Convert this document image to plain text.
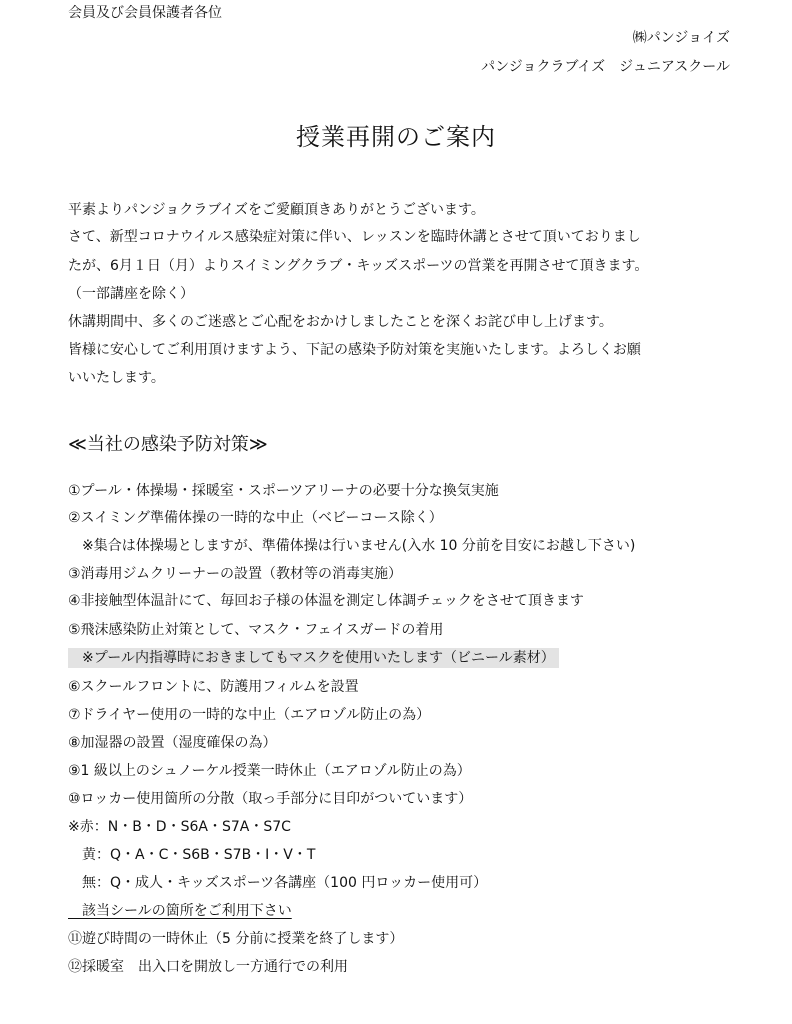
会員及び会員保護者各位
㈱パンジョイズ
パンジョクラブイズ　ジュニアスクール
授業再開のご案内
平素よりパンジョクラブイズをご愛顧頂きありがとうございます。
さて、新型コロナウイルス感染症対策に伴い、レッスンを臨時休講とさせて頂いておりまし
たが、6月１日（月）よりスイミングクラブ・キッズスポーツの営業を再開させて頂きます。
（一部講座を除く）
休講期間中、多くのご迷惑とご心配をおかけしましたことを深くお詫び申し上げます。
皆様に安心してご利用頂けますよう、下記の感染予防対策を実施いたします。よろしくお願
いいたします。
≪当社の感染予防対策≫
①プール・体操場・採暖室・スポーツアリーナの必要十分な換気実施
②スイミング準備体操の一時的な中止（ベビーコース除く）
　※集合は体操場としますが、準備体操は行いません(入水 10 分前を目安にお越し下さい)
③消毒用ジムクリーナーの設置（教材等の消毒実施）
④非接触型体温計にて、毎回お子様の体温を測定し体調チェックをさせて頂きます
⑤飛沫感染防止対策として、マスク・フェイスガードの着用
　※プール内指導時におきましてもマスクを使用いたします（ビニール素材）
⑥スクールフロントに、防護用フィルムを設置
⑦ドライヤー使用の一時的な中止（エアロゾル防止の為）
⑧加湿器の設置（湿度確保の為）
⑨1 級以上のシュノーケル授業一時休止（エアロゾル防止の為）
⑩ロッカー使用箇所の分散（取っ手部分に目印がついています）
※赤：N・B・D・S6A・S7A・S7C
　黄：Q・A・C・S6B・S7B・I・V・T
　無：Q・成人・キッズスポーツ各講座（100 円ロッカー使用可）
　該当シールの箇所をご利用下さい
⑪遊び時間の一時休止（5 分前に授業を終了します）
⑫採暖室　出入口を開放し一方通行での利用
